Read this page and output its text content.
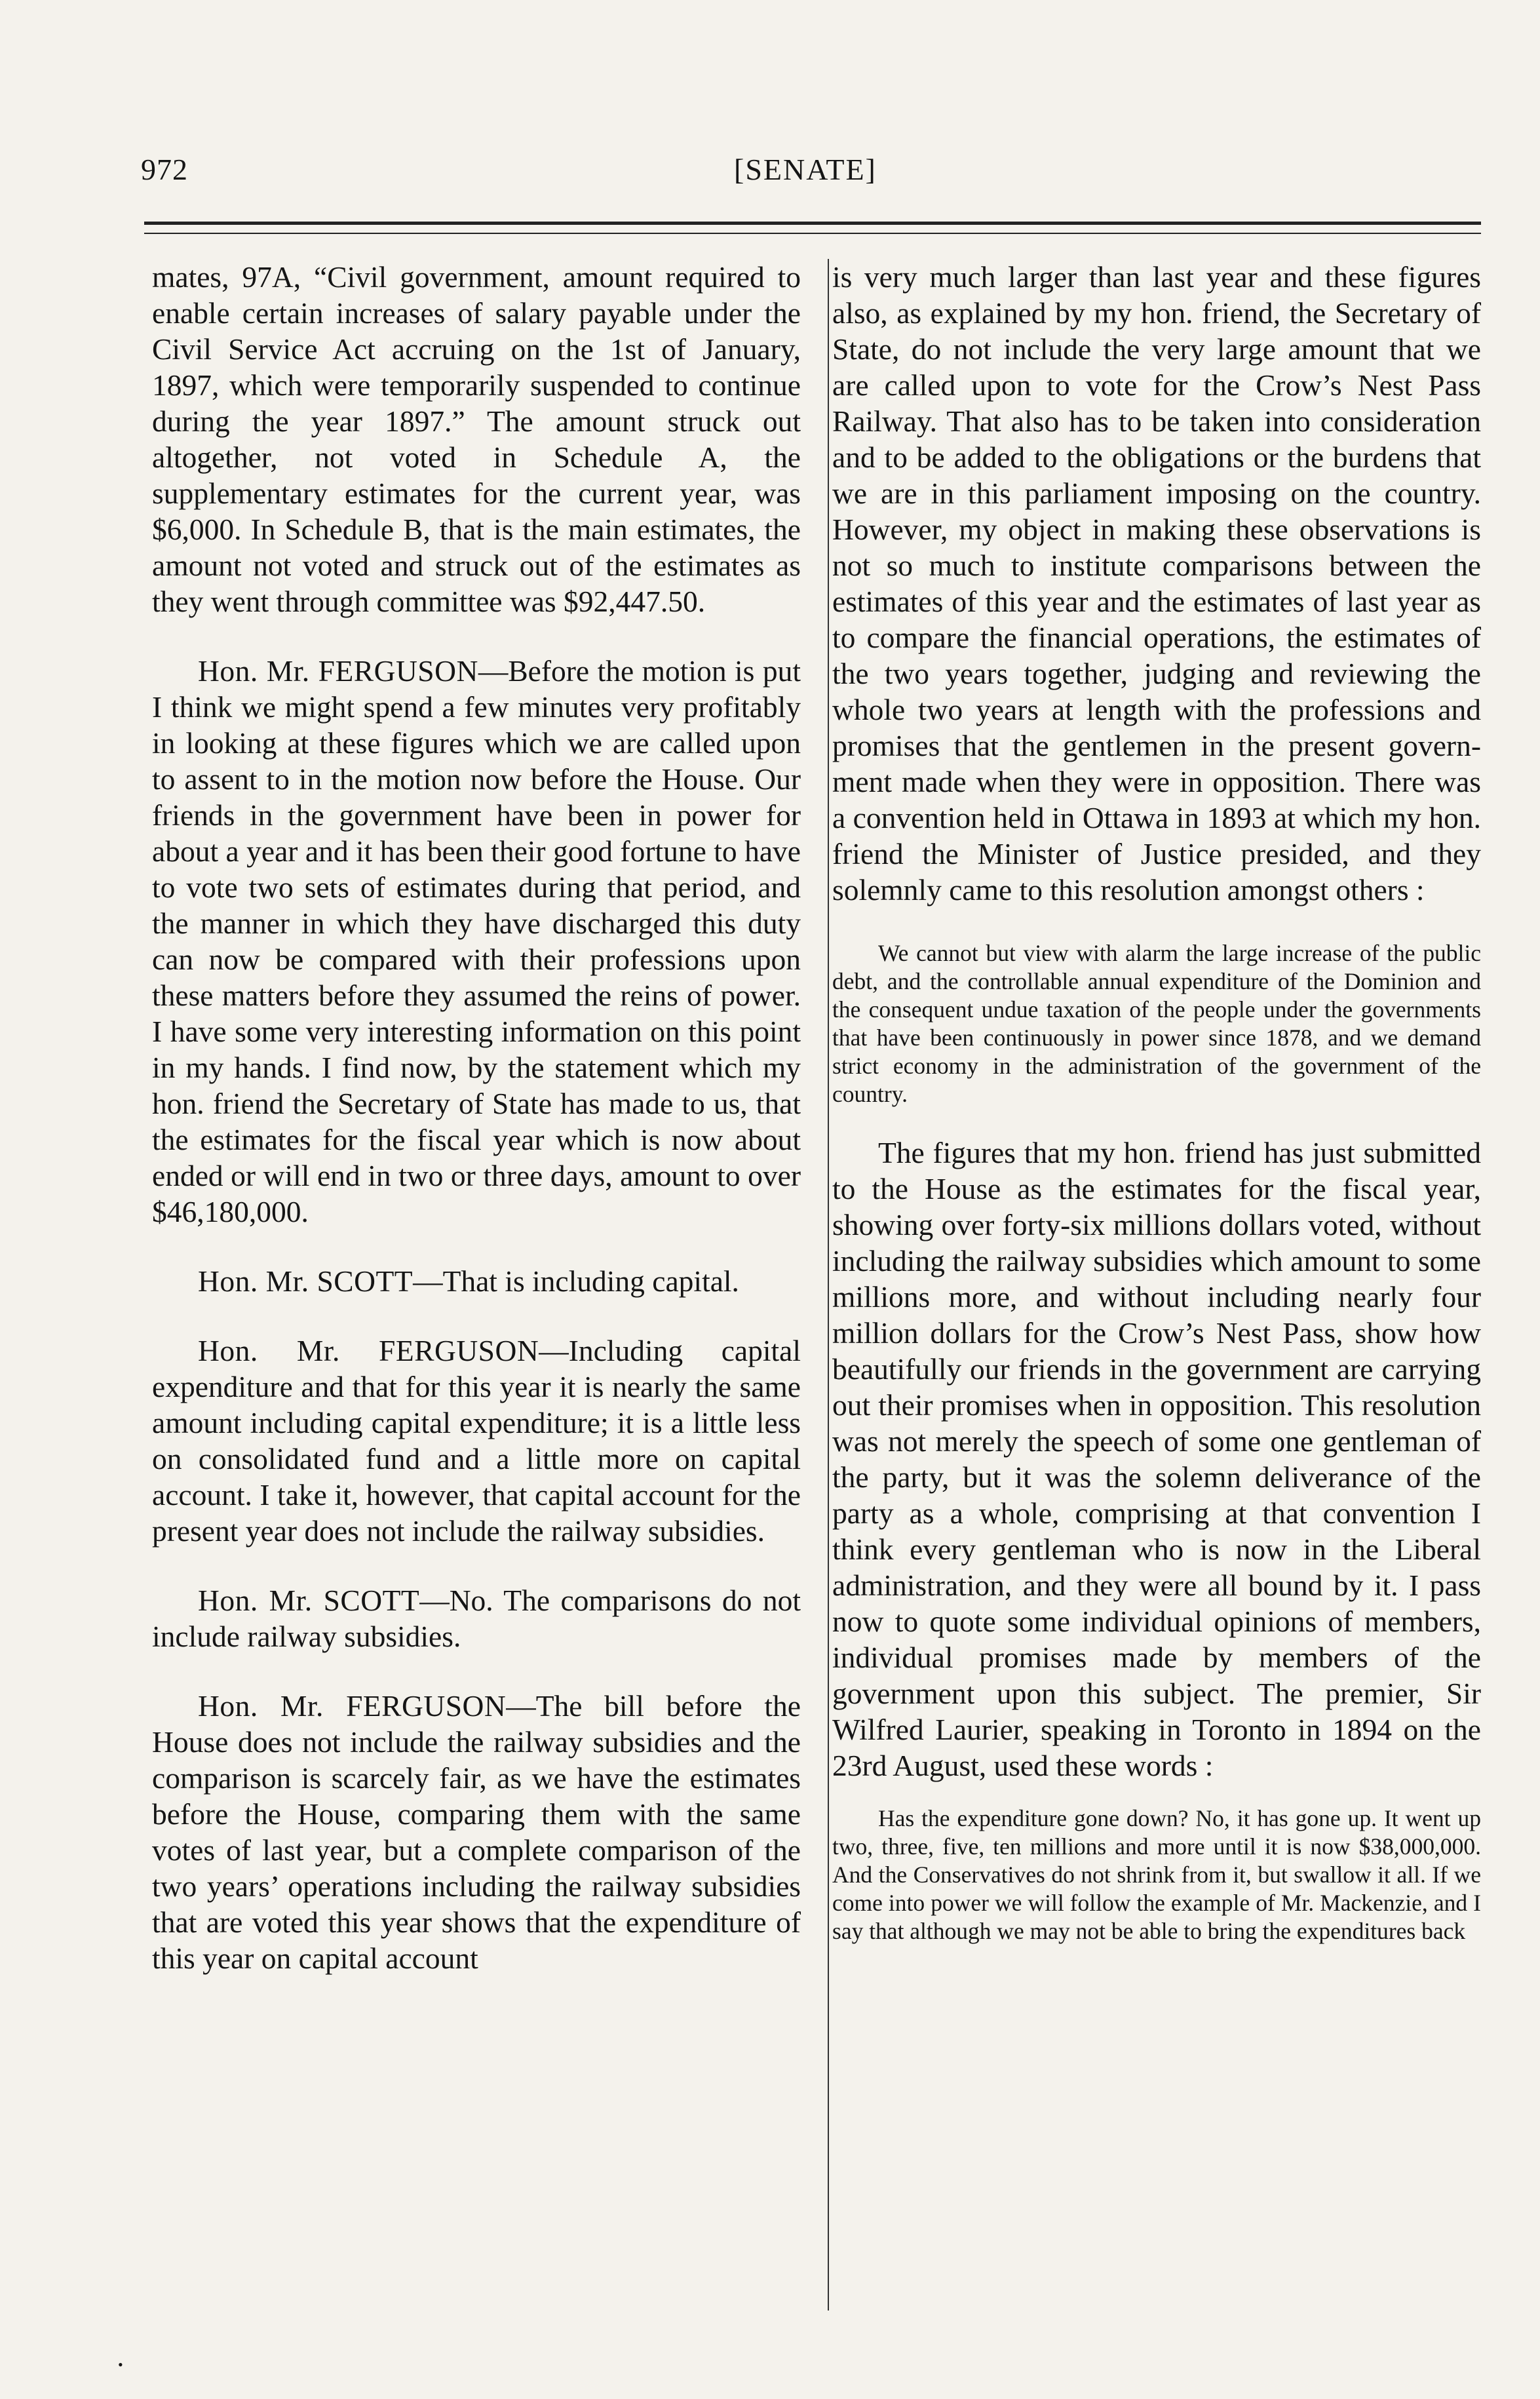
972	[SENATE]

mates, 97A, “Civil government, amount required to enable certain increases of salary payable under the Civil Service Act accruing on the 1st of January, 1897, which were temporarily suspended to continue during the year 1897.” The amount struck out altogether, not voted in Schedule A, the supplementary estimates for the current year, was $6,000. In Schedule B, that is the main estimates, the amount not voted and struck out of the estimates as they went through committee was $92,447.50.

Hon. Mr. FERGUSON—Before the motion is put I think we might spend a few minutes very profitably in looking at these figures which we are called upon to assent to in the motion now before the House. Our friends in the government have been in power for about a year and it has been their good fortune to have to vote two sets of estimates during that period, and the manner in which they have discharged this duty can now be compared with their professions upon these matters before they assumed the reins of power. I have some very interesting information on this point in my hands. I find now, by the statement which my hon. friend the Secretary of State has made to us, that the estimates for the fiscal year which is now about ended or will end in two or three days, amount to over $46,180,000.

Hon. Mr. SCOTT—That is including capital.

Hon. Mr. FERGUSON—Including capital expenditure and that for this year it is nearly the same amount including capital expenditure; it is a little less on consolidated fund and a little more on capital account. I take it, however, that capital account for the present year does not include the railway subsidies.

Hon. Mr. SCOTT—No. The comparisons do not include railway subsidies.

Hon. Mr. FERGUSON—The bill before the House does not include the railway subsidies and the comparison is scarcely fair, as we have the estimates before the House, comparing them with the same votes of last year, but a complete comparison of the two years’ operations including the railway subsidies that are voted this year shows that the expenditure of this year on capital account

is very much larger than last year and these figures also, as explained by my hon. friend, the Secretary of State, do not include the very large amount that we are called upon to vote for the Crow’s Nest Pass Railway. That also has to be taken into consideration and to be added to the obligations or the burdens that we are in this parliament imposing on the country. However, my object in making these observations is not so much to institute comparisons between the estimates of this year and the estimates of last year as to compare the financial operations, the estimates of the two years together, judging and reviewing the whole two years at length with the professions and promises that the gentlemen in the present government made when they were in opposition. There was a convention held in Ottawa in 1893 at which my hon. friend the Minister of Justice presided, and they solemnly came to this resolution amongst others :

We cannot but view with alarm the large increase of the public debt, and the controllable annual expenditure of the Dominion and the consequent undue taxation of the people under the governments that have been continuously in power since 1878, and we demand strict economy in the administration of the government of the country.

The figures that my hon. friend has just submitted to the House as the estimates for the fiscal year, showing over forty-six millions dollars voted, without including the railway subsidies which amount to some millions more, and without including nearly four million dollars for the Crow’s Nest Pass, show how beautifully our friends in the government are carrying out their promises when in opposition. This resolution was not merely the speech of some one gentleman of the party, but it was the solemn deliverance of the party as a whole, comprising at that convention I think every gentleman who is now in the Liberal administration, and they were all bound by it. I pass now to quote some individual opinions of members, individual promises made by members of the government upon this subject. The premier, Sir Wilfred Laurier, speaking in Toronto in 1894 on the 23rd August, used these words :

Has the expenditure gone down? No, it has gone up. It went up two, three, five, ten millions and more until it is now $38,000,000. And the Conservatives do not shrink from it, but swallow it all. If we come into power we will follow the example of Mr. Mackenzie, and I say that although we may not be able to bring the expenditures back
•
